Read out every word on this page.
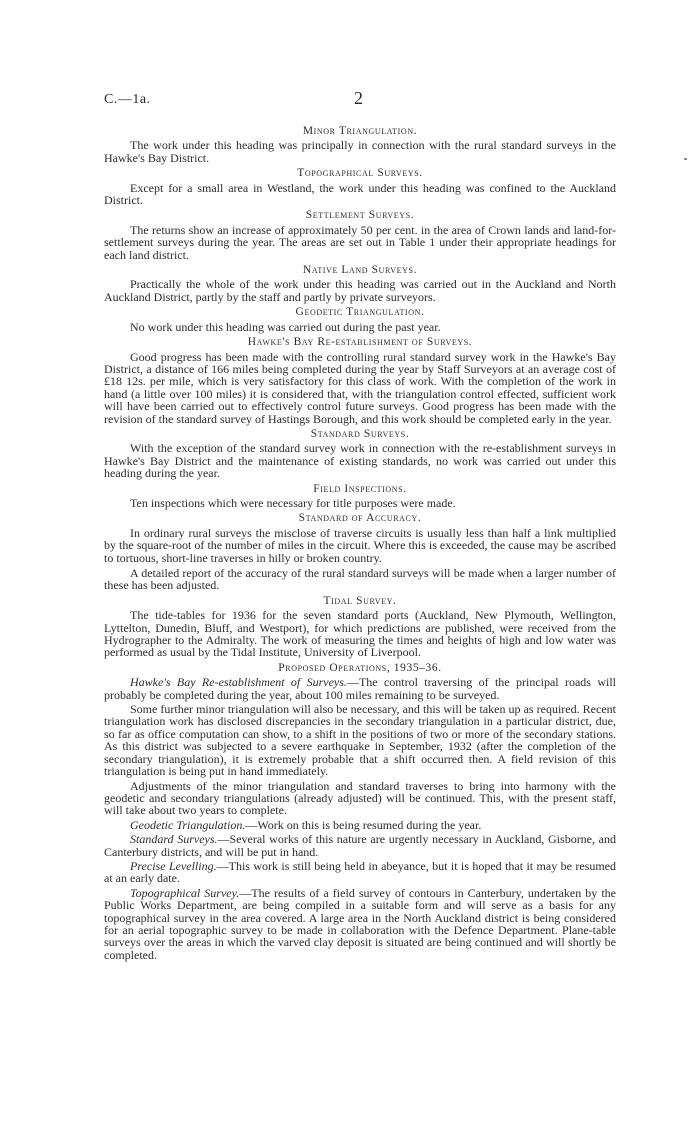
C.—1a.	2
Minor Triangulation.

The work under this heading was principally in connection with the rural standard surveys in the Hawke's Bay District.

Topographical Surveys.

Except for a small area in Westland, the work under this heading was confined to the Auckland District.

Settlement Surveys.

The returns show an increase of approximately 50 per cent. in the area of Crown lands and land-for-settlement surveys during the year. The areas are set out in Table 1 under their appropriate headings for each land district.

Native Land Surveys.

Practically the whole of the work under this heading was carried out in the Auckland and North Auckland District, partly by the staff and partly by private surveyors.

Geodetic Triangulation.

No work under this heading was carried out during the past year.

Hawke's Bay Re-establishment of Surveys.

Good progress has been made with the controlling rural standard survey work in the Hawke's Bay District, a distance of 166 miles being completed during the year by Staff Surveyors at an average cost of £18 12s. per mile, which is very satisfactory for this class of work. With the completion of the work in hand (a little over 100 miles) it is considered that, with the triangulation control effected, sufficient work will have been carried out to effectively control future surveys. Good progress has been made with the revision of the standard survey of Hastings Borough, and this work should be completed early in the year.

Standard Surveys.

With the exception of the standard survey work in connection with the re-establishment surveys in Hawke's Bay District and the maintenance of existing standards, no work was carried out under this heading during the year.

Field Inspections.

Ten inspections which were necessary for title purposes were made.

Standard of Accuracy.

In ordinary rural surveys the misclose of traverse circuits is usually less than half a link multiplied by the square-root of the number of miles in the circuit. Where this is exceeded, the cause may be ascribed to tortuous, short-line traverses in hilly or broken country.

A detailed report of the accuracy of the rural standard surveys will be made when a larger number of these has been adjusted.

Tidal Survey.

The tide-tables for 1936 for the seven standard ports (Auckland, New Plymouth, Wellington, Lyttelton, Dunedin, Bluff, and Westport), for which predictions are published, were received from the Hydrographer to the Admiralty. The work of measuring the times and heights of high and low water was performed as usual by the Tidal Institute, University of Liverpool.

Proposed Operations, 1935–36.

Hawke's Bay Re-establishment of Surveys.—The control traversing of the principal roads will probably be completed during the year, about 100 miles remaining to be surveyed.

Some further minor triangulation will also be necessary, and this will be taken up as required. Recent triangulation work has disclosed discrepancies in the secondary triangulation in a particular district, due, so far as office computation can show, to a shift in the positions of two or more of the secondary stations. As this district was subjected to a severe earthquake in September, 1932 (after the completion of the secondary triangulation), it is extremely probable that a shift occurred then. A field revision of this triangulation is being put in hand immediately.

Adjustments of the minor triangulation and standard traverses to bring into harmony with the geodetic and secondary triangulations (already adjusted) will be continued. This, with the present staff, will take about two years to complete.

Geodetic Triangulation.—Work on this is being resumed during the year.

Standard Surveys.—Several works of this nature are urgently necessary in Auckland, Gisborne, and Canterbury districts, and will be put in hand.

Precise Levelling.—This work is still being held in abeyance, but it is hoped that it may be resumed at an early date.

Topographical Survey.—The results of a field survey of contours in Canterbury, undertaken by the Public Works Department, are being compiled in a suitable form and will serve as a basis for any topographical survey in the area covered. A large area in the North Auckland district is being considered for an aerial topographic survey to be made in collaboration with the Defence Department. Plane-table surveys over the areas in which the varved clay deposit is situated are being continued and will shortly be completed.
